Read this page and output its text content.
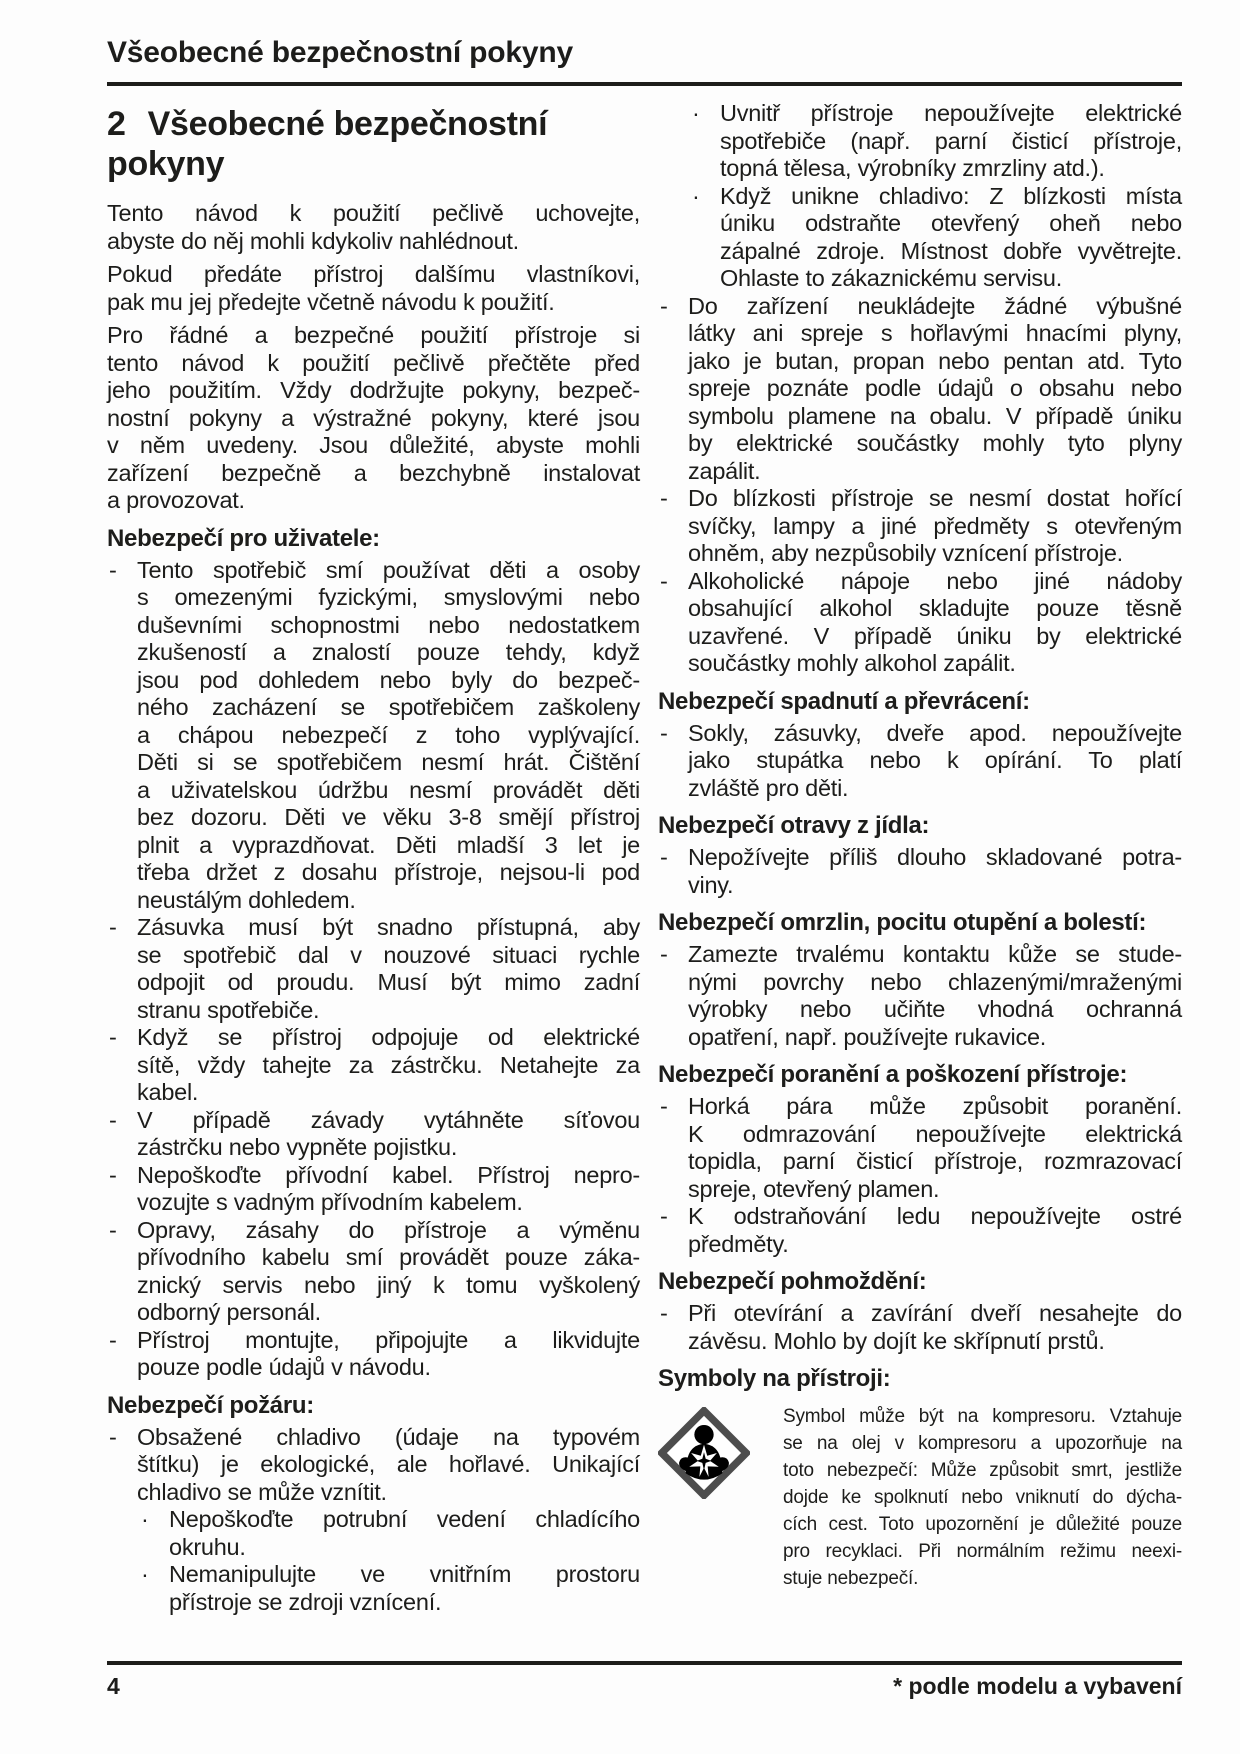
Všeobecné bezpečnostní pokyny
2 Všeobecné bezpečnostní pokyny
Tento návod k použití pečlivě uchovejte,
abyste do něj mohli kdykoliv nahlédnout.
Pokud předáte přístroj dalšímu vlastníkovi,
pak mu jej předejte včetně návodu k použití.
Pro řádné a bezpečné použití přístroje si
tento návod k použití pečlivě přečtěte před
jeho použitím. Vždy dodržujte pokyny, bezpeč-
nostní pokyny a výstražné pokyny, které jsou
v něm uvedeny. Jsou důležité, abyste mohli
zařízení bezpečně a bezchybně instalovat
a provozovat.
Nebezpečí pro uživatele:
- Tento spotřebič smí používat děti a osoby
s omezenými fyzickými, smyslovými nebo
duševními schopnostmi nebo nedostatkem
zkušeností a znalostí pouze tehdy, když
jsou pod dohledem nebo byly do bezpeč-
ného zacházení se spotřebičem zaškoleny
a chápou nebezpečí z toho vyplývající.
Děti si se spotřebičem nesmí hrát. Čištění
a uživatelskou údržbu nesmí provádět děti
bez dozoru. Děti ve věku 3-8 smějí přístroj
plnit a vyprazdňovat. Děti mladší 3 let je
třeba držet z dosahu přístroje, nejsou-li pod
neustálým dohledem.
- Zásuvka musí být snadno přístupná, aby
se spotřebič dal v nouzové situaci rychle
odpojit od proudu. Musí být mimo zadní
stranu spotřebiče.
- Když se přístroj odpojuje od elektrické
sítě, vždy tahejte za zástrčku. Netahejte za
kabel.
- V případě závady vytáhněte síťovou
zástrčku nebo vypněte pojistku.
- Nepoškoďte přívodní kabel. Přístroj nepro-
vozujte s vadným přívodním kabelem.
- Opravy, zásahy do přístroje a výměnu
přívodního kabelu smí provádět pouze záka-
znický servis nebo jiný k tomu vyškolený
odborný personál.
- Přístroj montujte, připojujte a likvidujte
pouze podle údajů v návodu.
Nebezpečí požáru:
- Obsažené chladivo (údaje na typovém
štítku) je ekologické, ale hořlavé. Unikající
chladivo se může vznítit.
· Nepoškoďte potrubní vedení chladícího
okruhu.
· Nemanipulujte ve vnitřním prostoru
přístroje se zdroji vznícení.
· Uvnitř přístroje nepoužívejte elektrické
spotřebiče (např. parní čisticí přístroje,
topná tělesa, výrobníky zmrzliny atd.).
· Když unikne chladivo: Z blízkosti místa
úniku odstraňte otevřený oheň nebo
zápalné zdroje. Místnost dobře vyvětrejte.
Ohlaste to zákaznickému servisu.
- Do zařízení neukládejte žádné výbušné
látky ani spreje s hořlavými hnacími plyny,
jako je butan, propan nebo pentan atd. Tyto
spreje poznáte podle údajů o obsahu nebo
symbolu plamene na obalu. V případě úniku
by elektrické součástky mohly tyto plyny
zapálit.
- Do blízkosti přístroje se nesmí dostat hořící
svíčky, lampy a jiné předměty s otevřeným
ohněm, aby nezpůsobily vznícení přístroje.
- Alkoholické nápoje nebo jiné nádoby
obsahující alkohol skladujte pouze těsně
uzavřené. V případě úniku by elektrické
součástky mohly alkohol zapálit.
Nebezpečí spadnutí a převrácení:
- Sokly, zásuvky, dveře apod. nepoužívejte
jako stupátka nebo k opírání. To platí
zvláště pro děti.
Nebezpečí otravy z jídla:
- Nepožívejte příliš dlouho skladované potra-
viny.
Nebezpečí omrzlin, pocitu otupění a bolestí:
- Zamezte trvalému kontaktu kůže se stude-
nými povrchy nebo chlazenými/mraženými
výrobky nebo učiňte vhodná ochranná
opatření, např. používejte rukavice.
Nebezpečí poranění a poškození přístroje:
- Horká pára může způsobit poranění.
K odmrazování nepoužívejte elektrická
topidla, parní čisticí přístroje, rozmrazovací
spreje, otevřený plamen.
- K odstraňování ledu nepoužívejte ostré
předměty.
Nebezpečí pohmoždění:
- Při otevírání a zavírání dveří nesahejte do
závěsu. Mohlo by dojít ke skřípnutí prstů.
Symboly na přístroji:
Symbol může být na kompresoru. Vztahuje
se na olej v kompresoru a upozorňuje na
toto nebezpečí: Může způsobit smrt, jestliže
dojde ke spolknutí nebo vniknutí do dýcha-
cích cest. Toto upozornění je důležité pouze
pro recyklaci. Při normálním režimu neexi-
stuje nebezpečí.
4	* podle modelu a vybavení
